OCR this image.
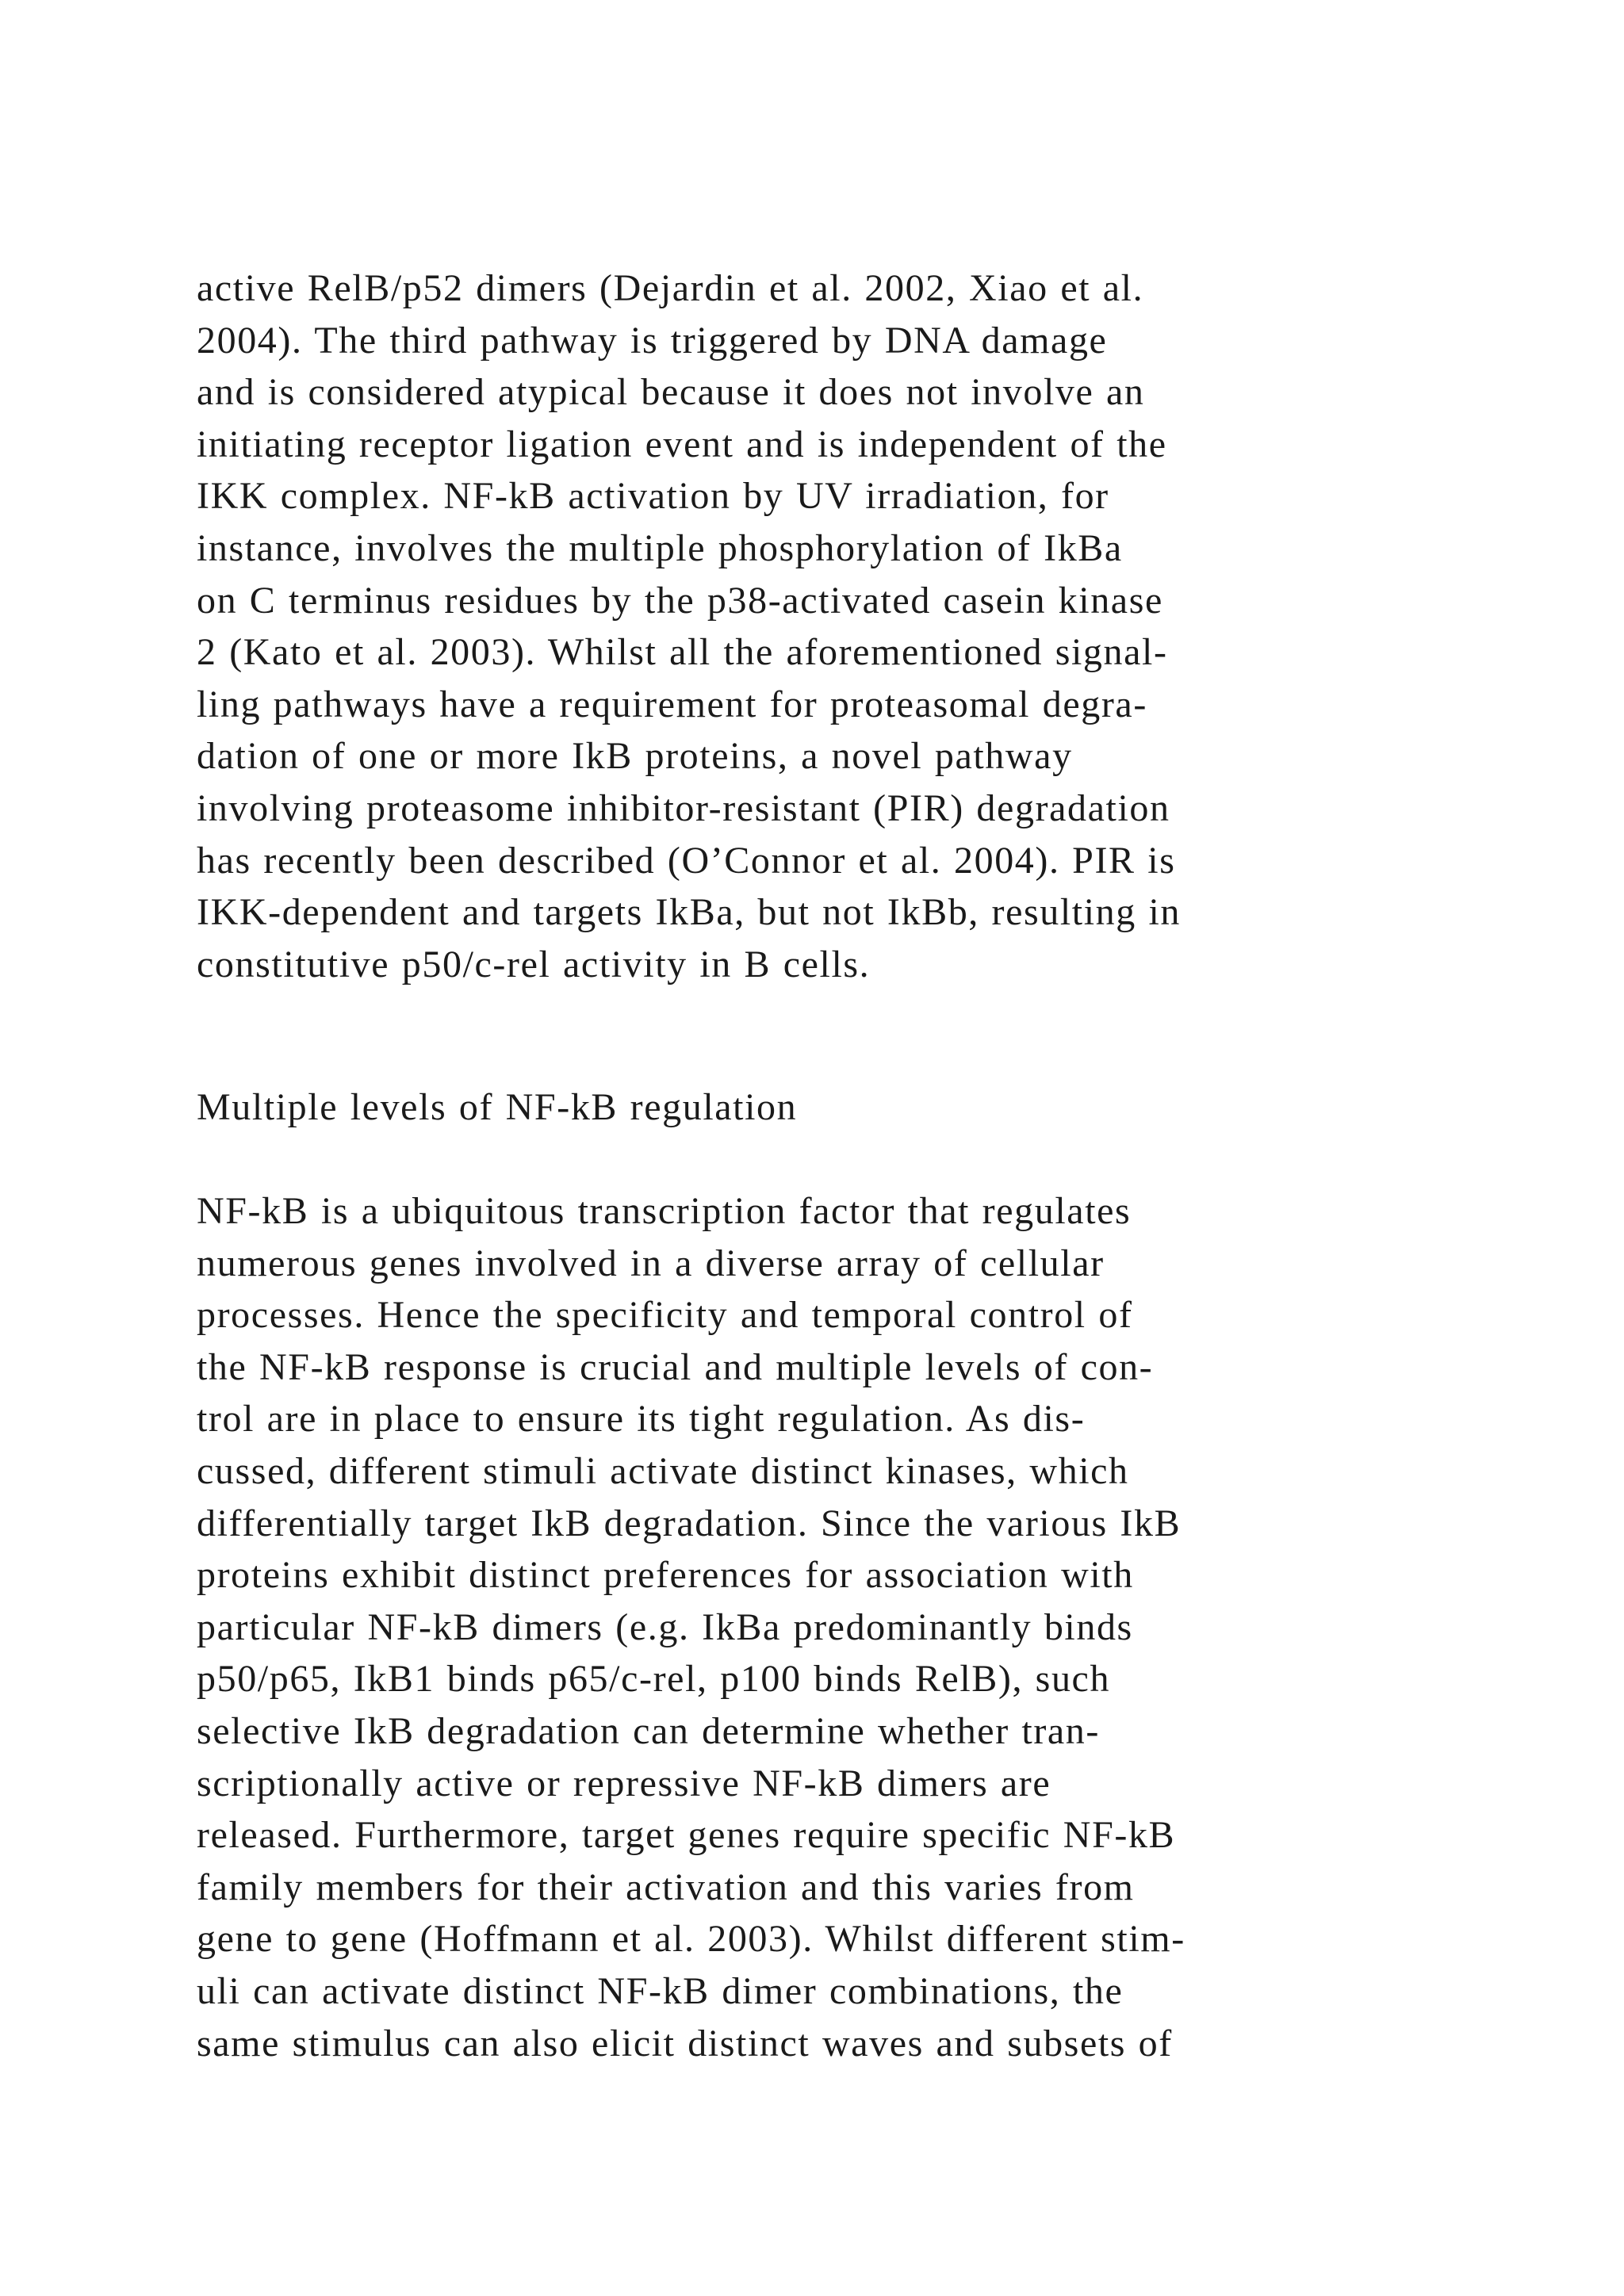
active RelB/p52 dimers (Dejardin et al. 2002, Xiao et al.
2004). The third pathway is triggered by DNA damage
and is considered atypical because it does not involve an
initiating receptor ligation event and is independent of the
IKK complex. NF-kB activation by UV irradiation, for
instance, involves the multiple phosphorylation of IkBa
on C terminus residues by the p38-activated casein kinase
2 (Kato et al. 2003). Whilst all the aforementioned signal-
ling pathways have a requirement for proteasomal degra-
dation of one or more IkB proteins, a novel pathway
involving proteasome inhibitor-resistant (PIR) degradation
has recently been described (O’Connor et al. 2004). PIR is
IKK-dependent and targets IkBa, but not IkBb, resulting in
constitutive p50/c-rel activity in B cells.
Multiple levels of NF-kB regulation
NF-kB is a ubiquitous transcription factor that regulates
numerous genes involved in a diverse array of cellular
processes. Hence the specificity and temporal control of
the NF-kB response is crucial and multiple levels of con-
trol are in place to ensure its tight regulation. As dis-
cussed, different stimuli activate distinct kinases, which
differentially target IkB degradation. Since the various IkB
proteins exhibit distinct preferences for association with
particular NF-kB dimers (e.g. IkBa predominantly binds
p50/p65, IkB1 binds p65/c-rel, p100 binds RelB), such
selective IkB degradation can determine whether tran-
scriptionally active or repressive NF-kB dimers are
released. Furthermore, target genes require specific NF-kB
family members for their activation and this varies from
gene to gene (Hoffmann et al. 2003). Whilst different stim-
uli can activate distinct NF-kB dimer combinations, the
same stimulus can also elicit distinct waves and subsets of
